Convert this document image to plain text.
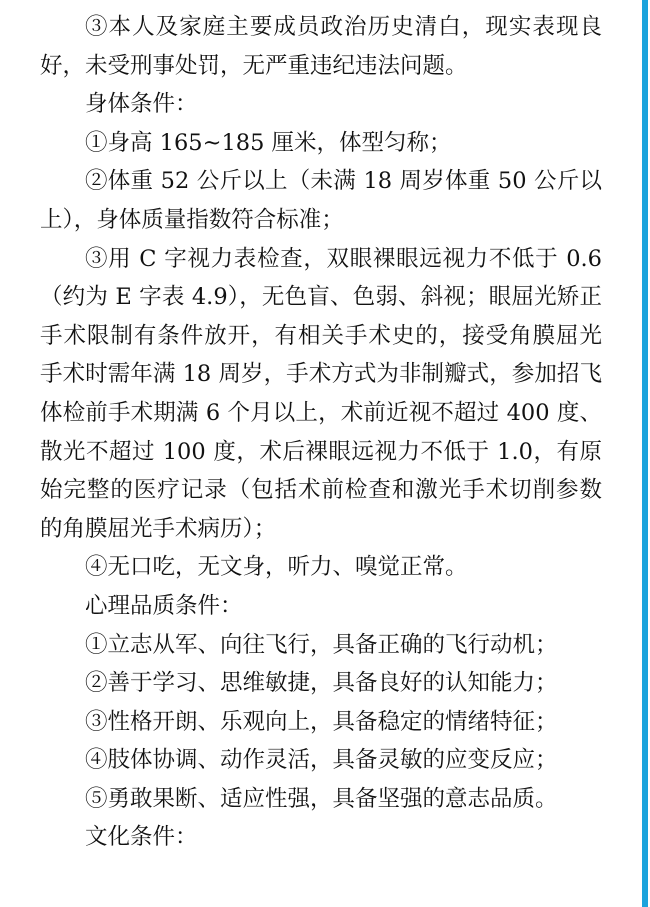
③本人及家庭主要成员政治历史清白，现实表现良好，未受刑事处罚，无严重违纪违法问题。

身体条件：

①身高 165~185 厘米，体型匀称；

②体重 52 公斤以上（未满 18 周岁体重 50 公斤以上），身体质量指数符合标准；

③用 C 字视力表检查，双眼裸眼远视力不低于 0.6（约为 E 字表 4.9），无色盲、色弱、斜视；眼屈光矫正手术限制有条件放开，有相关手术史的，接受角膜屈光手术时需年满 18 周岁，手术方式为非制瓣式，参加招飞体检前手术期满 6 个月以上，术前近视不超过 400 度、散光不超过 100 度，术后裸眼远视力不低于 1.0，有原始完整的医疗记录（包括术前检查和激光手术切削参数的角膜屈光手术病历）；

④无口吃，无文身，听力、嗅觉正常。

心理品质条件：

①立志从军、向往飞行，具备正确的飞行动机；

②善于学习、思维敏捷，具备良好的认知能力；

③性格开朗、乐观向上，具备稳定的情绪特征；

④肢体协调、动作灵活，具备灵敏的应变反应；

⑤勇敢果断、适应性强，具备坚强的意志品质。

文化条件：
